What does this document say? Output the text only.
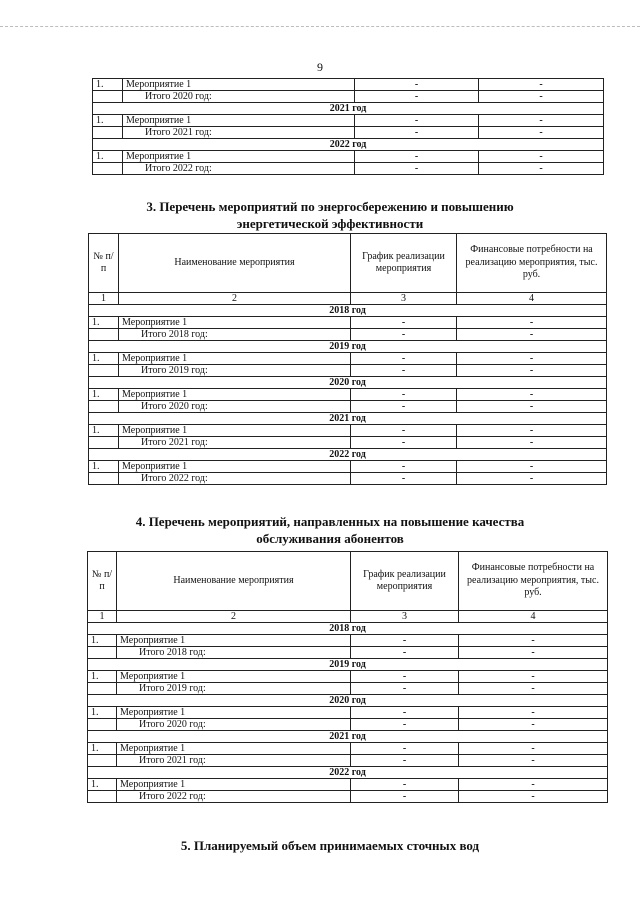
9
1.	Мероприятие 1	-	-
	Итого 2020 год:	-	-
2021 год			
1.	Мероприятие 1	-	-
	Итого 2021 год:	-	-
2022 год			
1.	Мероприятие 1	-	-
	Итого 2022 год:	-	-
3. Перечень мероприятий по энергосбережению и повышению
энергетической эффективности
№ п/п	Наименование мероприятия	График реализации мероприятия	Финансовые потребности на реализацию мероприятия, тыс. руб.
1	2	3	4
2018 год			
1.	Мероприятие 1	-	-
	Итого 2018 год:	-	-
2019 год			
1.	Мероприятие 1	-	-
	Итого 2019 год:	-	-
2020 год			
1.	Мероприятие 1	-	-
	Итого 2020 год:	-	-
2021 год			
1.	Мероприятие 1	-	-
	Итого 2021 год:	-	-
2022 год			
1.	Мероприятие 1	-	-
	Итого 2022 год:	-	-
4. Перечень мероприятий, направленных на повышение качества
обслуживания абонентов
№ п/п	Наименование мероприятия	График реализации мероприятия	Финансовые потребности на реализацию мероприятия, тыс. руб.
1	2	3	4
2018 год			
1.	Мероприятие 1	-	-
	Итого 2018 год:	-	-
2019 год			
1.	Мероприятие 1	-	-
	Итого 2019 год:	-	-
2020 год			
1.	Мероприятие 1	-	-
	Итого 2020 год:	-	-
2021 год			
1.	Мероприятие 1	-	-
	Итого 2021 год:	-	-
2022 год			
1.	Мероприятие 1	-	-
	Итого 2022 год:	-	-
5. Планируемый объем принимаемых сточных вод
